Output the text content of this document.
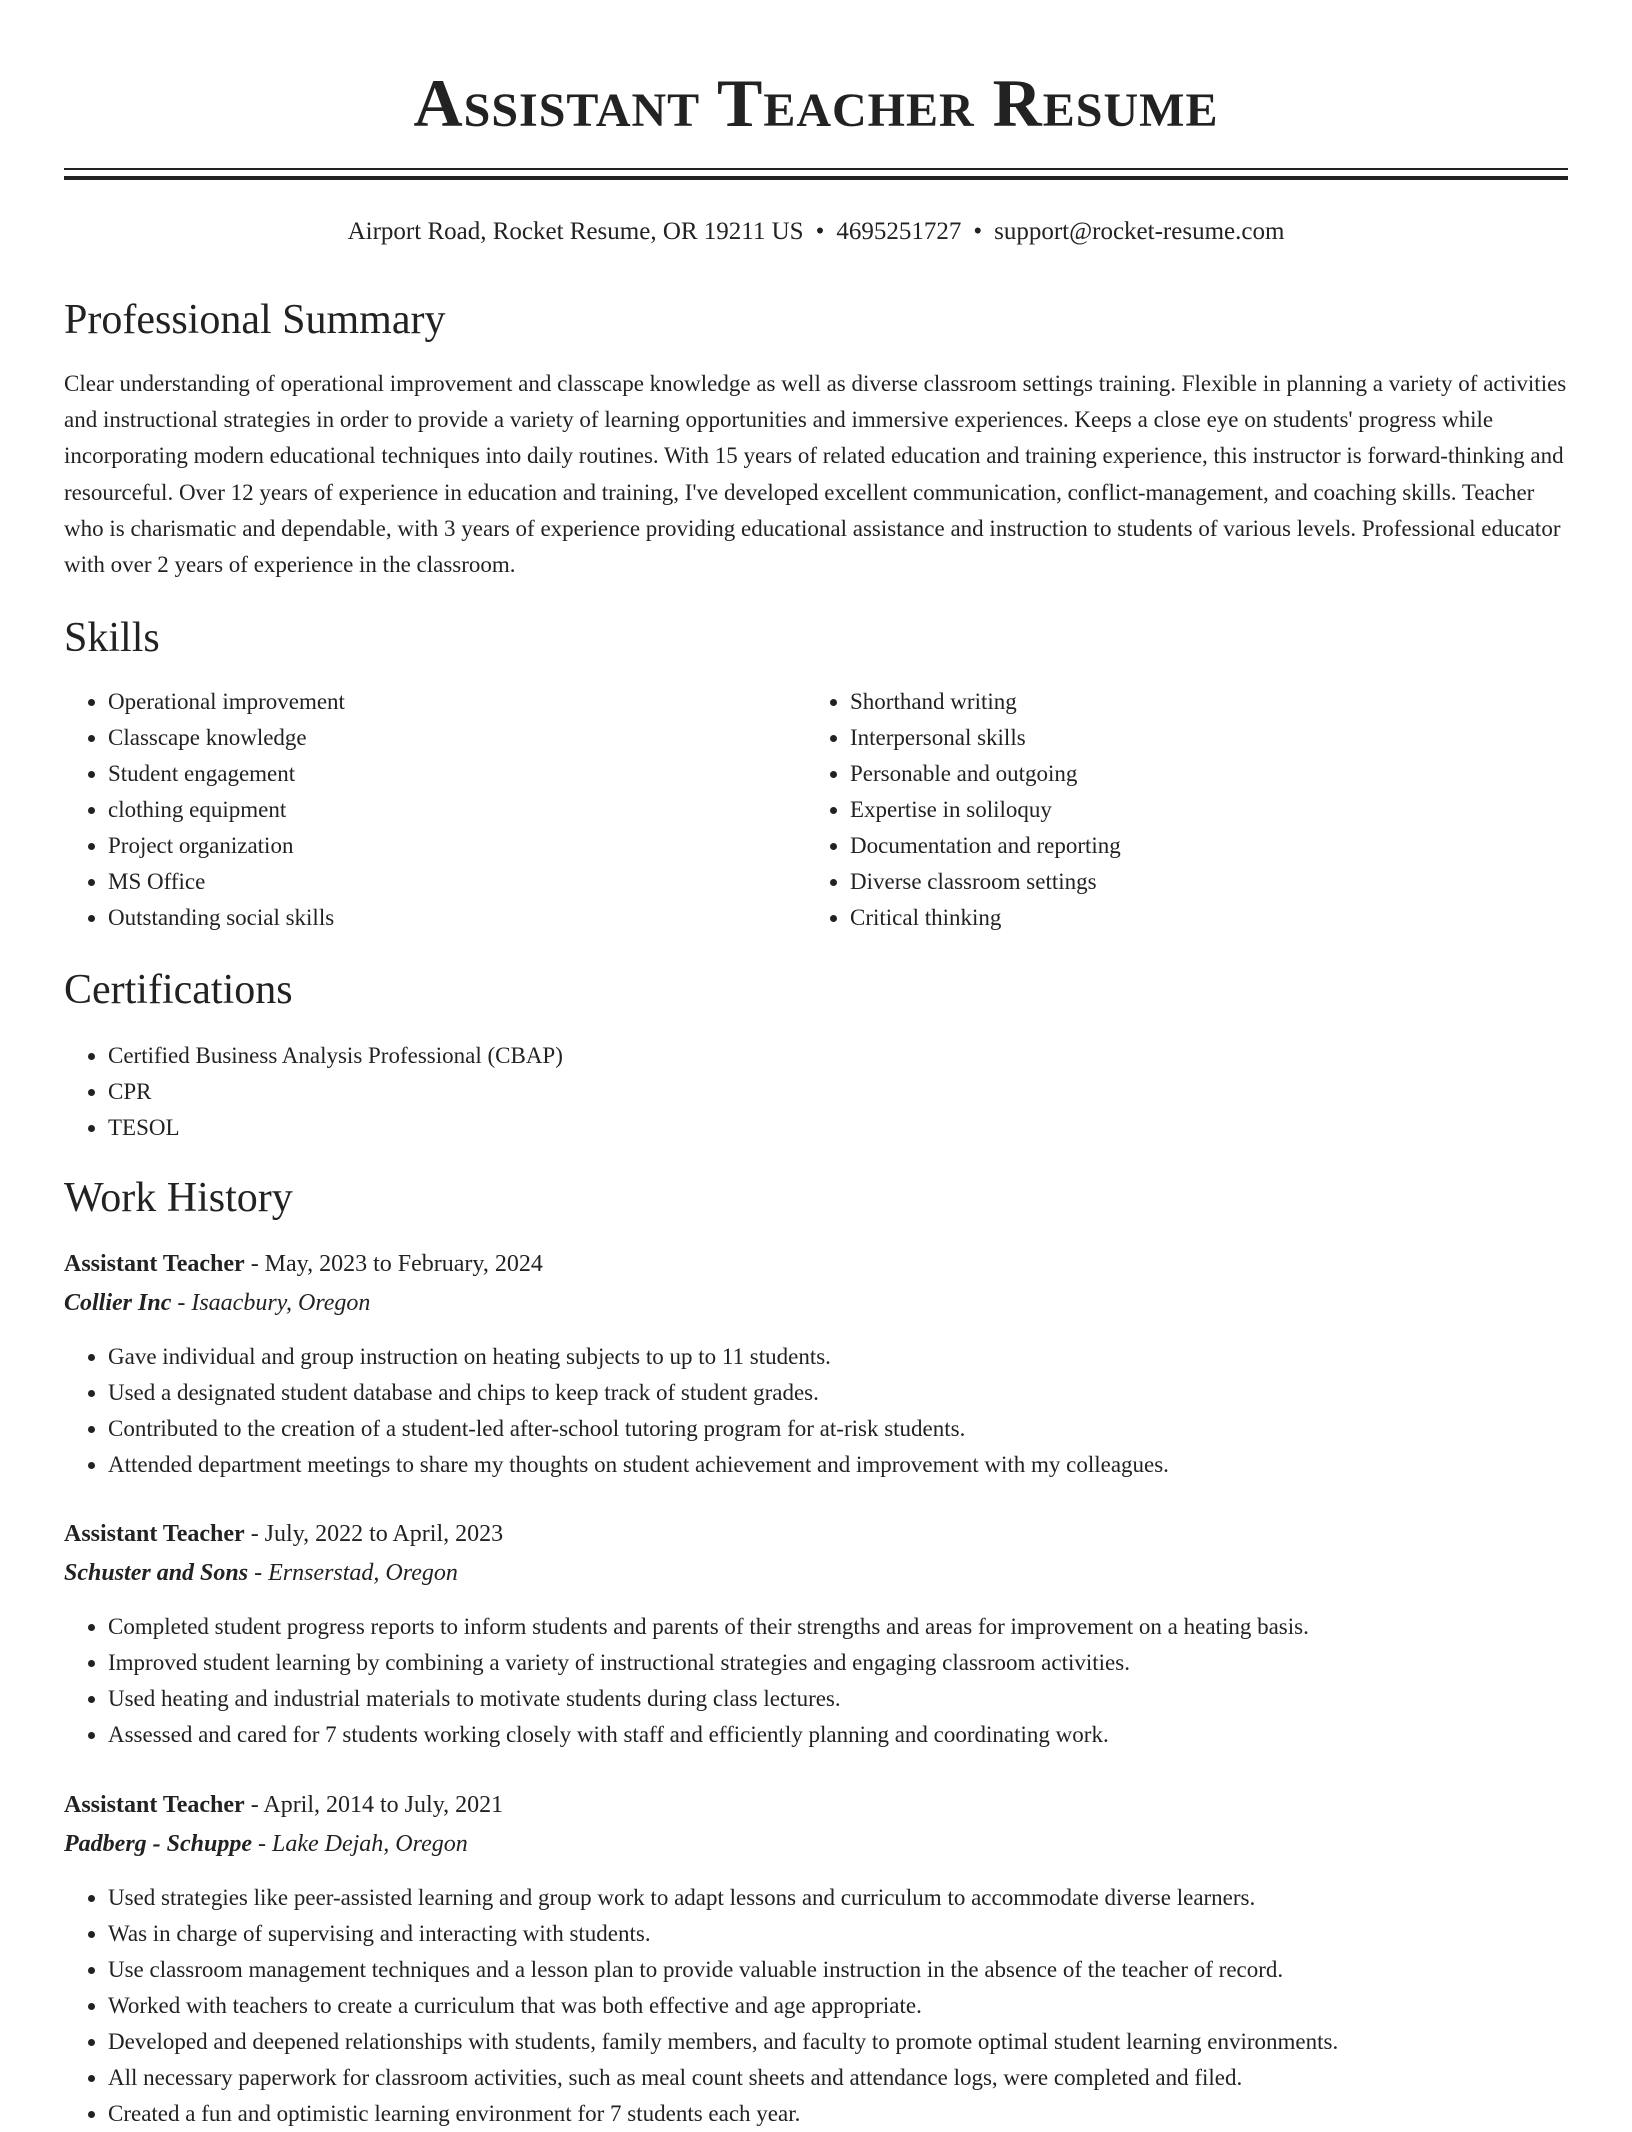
Assistant Teacher Resume
Airport Road, Rocket Resume, OR 19211 US • 4695251727 • support@rocket-resume.com
Professional Summary

Clear understanding of operational improvement and classcape knowledge as well as diverse classroom settings training. Flexible in planning a variety of activities and instructional strategies in order to provide a variety of learning opportunities and immersive experiences. Keeps a close eye on students' progress while incorporating modern educational techniques into daily routines. With 15 years of related education and training experience, this instructor is forward-thinking and resourceful. Over 12 years of experience in education and training, I've developed excellent communication, conflict-management, and coaching skills. Teacher who is charismatic and dependable, with 3 years of experience providing educational assistance and instruction to students of various levels. Professional educator with over 2 years of experience in the classroom.

Skills
• Operational improvement
• Classcape knowledge
• Student engagement
• clothing equipment
• Project organization
• MS Office
• Outstanding social skills
• Shorthand writing
• Interpersonal skills
• Personable and outgoing
• Expertise in soliloquy
• Documentation and reporting
• Diverse classroom settings
• Critical thinking
Certifications
• Certified Business Analysis Professional (CBAP)
• CPR
• TESOL
Work History
Assistant Teacher - May, 2023 to February, 2024
Collier Inc - Isaacbury, Oregon
• Gave individual and group instruction on heating subjects to up to 11 students.
• Used a designated student database and chips to keep track of student grades.
• Contributed to the creation of a student-led after-school tutoring program for at-risk students.
• Attended department meetings to share my thoughts on student achievement and improvement with my colleagues.
Assistant Teacher - July, 2022 to April, 2023
Schuster and Sons - Ernserstad, Oregon
• Completed student progress reports to inform students and parents of their strengths and areas for improvement on a heating basis.
• Improved student learning by combining a variety of instructional strategies and engaging classroom activities.
• Used heating and industrial materials to motivate students during class lectures.
• Assessed and cared for 7 students working closely with staff and efficiently planning and coordinating work.
Assistant Teacher - April, 2014 to July, 2021
Padberg - Schuppe - Lake Dejah, Oregon
• Used strategies like peer-assisted learning and group work to adapt lessons and curriculum to accommodate diverse learners.
• Was in charge of supervising and interacting with students.
• Use classroom management techniques and a lesson plan to provide valuable instruction in the absence of the teacher of record.
• Worked with teachers to create a curriculum that was both effective and age appropriate.
• Developed and deepened relationships with students, family members, and faculty to promote optimal student learning environments.
• All necessary paperwork for classroom activities, such as meal count sheets and attendance logs, were completed and filed.
• Created a fun and optimistic learning environment for 7 students each year.
